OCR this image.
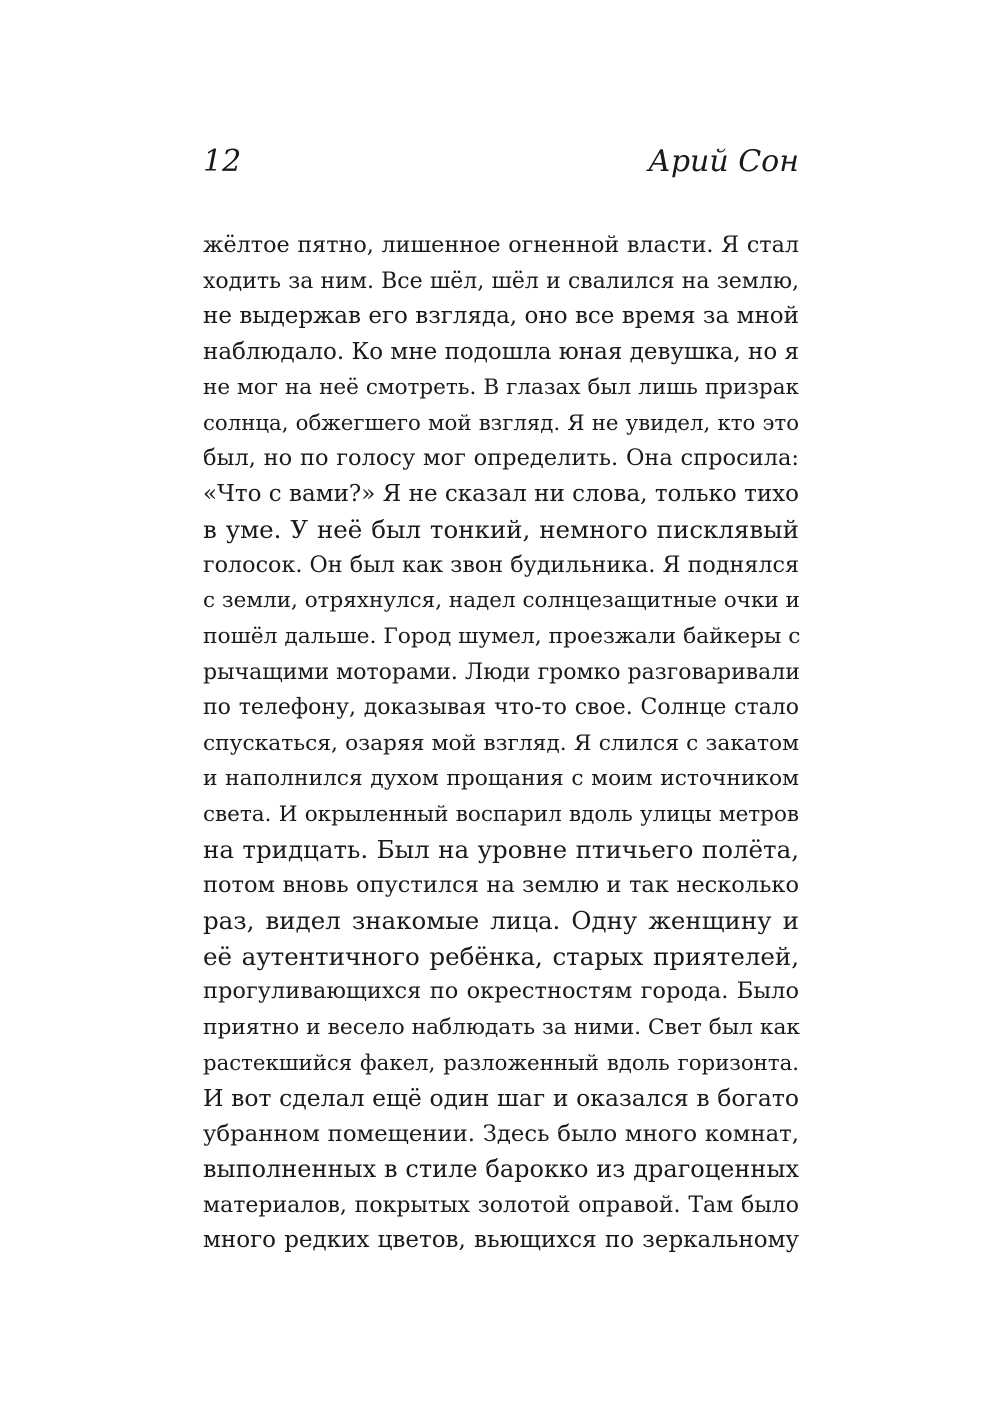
12	Арий Сон
жёлтое пятно, лишенное огненной власти. Я стал
ходить за ним. Все шёл, шёл и свалился на землю,
не выдержав его взгляда, оно все время за мной
наблюдало. Ко мне подошла юная девушка, но я
не мог на неё смотреть. В глазах был лишь призрак
солнца, обжегшего мой взгляд. Я не увидел, кто это
был, но по голосу мог определить. Она спросила:
«Что с вами?» Я не сказал ни слова, только тихо
в уме. У неё был тонкий, немного писклявый
голосок. Он был как звон будильника. Я поднялся
с земли, отряхнулся, надел солнцезащитные очки и
пошёл дальше. Город шумел, проезжали байкеры с
рычащими моторами. Люди громко разговаривали
по телефону, доказывая что-то свое. Солнце стало
спускаться, озаряя мой взгляд. Я слился с закатом
и наполнился духом прощания с моим источником
света. И окрыленный воспарил вдоль улицы метров
на тридцать. Был на уровне птичьего полёта,
потом вновь опустился на землю и так несколько
раз, видел знакомые лица. Одну женщину и
её аутентичного ребёнка, старых приятелей,
прогуливающихся по окрестностям города. Было
приятно и весело наблюдать за ними. Свет был как
растекшийся факел, разложенный вдоль горизонта.
И вот сделал ещё один шаг и оказался в богато
убранном помещении. Здесь было много комнат,
выполненных в стиле барокко из драгоценных
материалов, покрытых золотой оправой. Там было
много редких цветов, вьющихся по зеркальному
